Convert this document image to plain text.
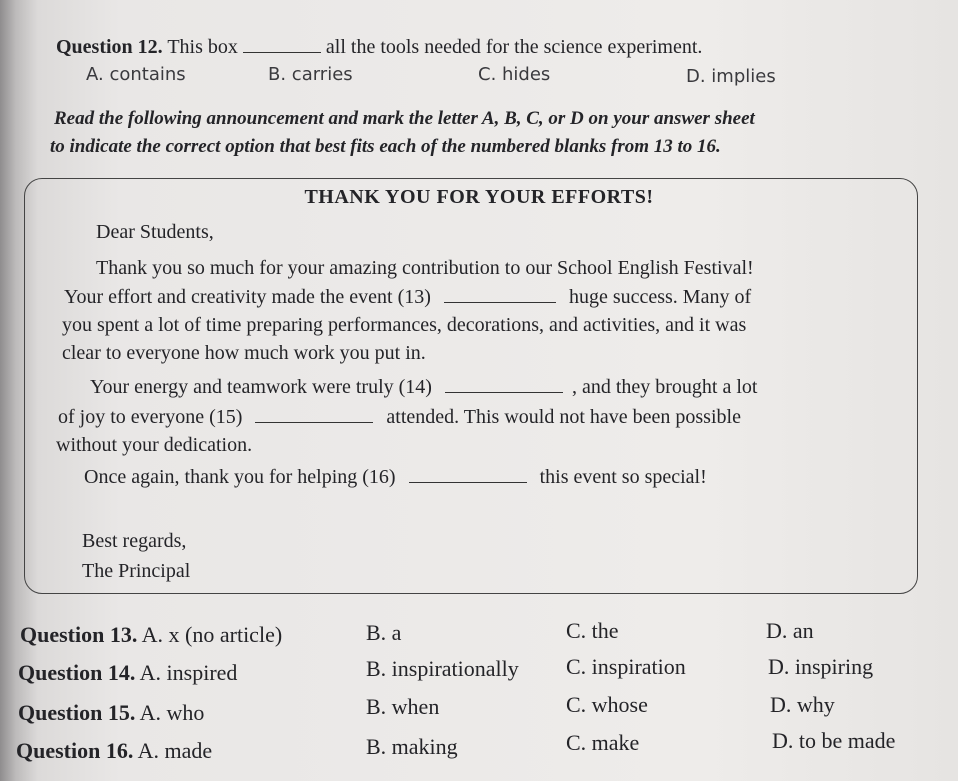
Question 12. This box	all the tools needed for the science experiment.
A. contains	B. carries	C. hides	D. implies
Read the following announcement and mark the letter A, B, C, or D on your answer sheet
to indicate the correct option that best fits each of the numbered blanks from 13 to 16.
THANK YOU FOR YOUR EFFORTS!
Dear Students,
Thank you so much for your amazing contribution to our School English Festival!
Your effort and creativity made the event (13)	huge success. Many of
you spent a lot of time preparing performances, decorations, and activities, and it was
clear to everyone how much work you put in.
Your energy and teamwork were truly (14)	, and they brought a lot
of joy to everyone (15)	attended. This would not have been possible
without your dedication.
Once again, thank you for helping (16)	this event so special!
Best regards,
The Principal
Question 13. A. x (no article)	B. a	C. the	D. an
Question 14. A. inspired	B. inspirationally C. inspiration	D. inspiring
Question 15. A. who	B. when	C. whose	D. why
Question 16. A. made	B. making	C. make	D. to be made
